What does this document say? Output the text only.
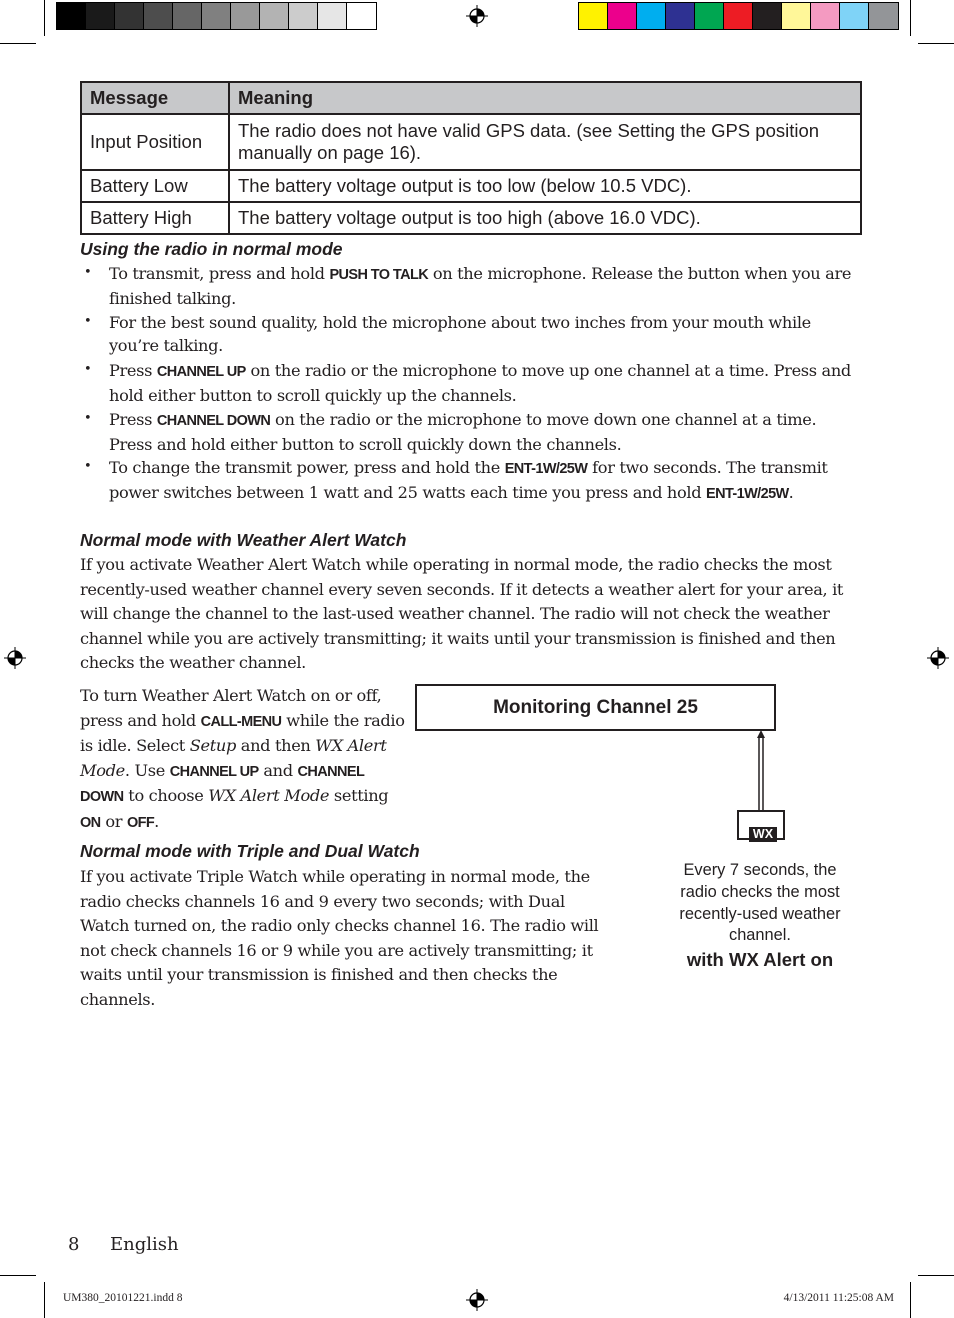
Message	Meaning
Input Position	The radio does not have valid GPS data. (see Setting the GPS position manually on page 16).
Battery Low	The battery voltage output is too low (below 10.5 VDC).
Battery High	The battery voltage output is too high (above 16.0 VDC).
Using the radio in normal mode
• To transmit, press and hold PUSH TO TALK on the microphone. Release the button when you are finished talking.
• For the best sound quality, hold the microphone about two inches from your mouth while you’re talking.
• Press CHANNEL UP on the radio or the microphone to move up one channel at a time. Press and hold either button to scroll quickly up the channels.
• Press CHANNEL DOWN on the radio or the microphone to move down one channel at a time. Press and hold either button to scroll quickly down the channels.
• To change the transmit power, press and hold the ENT-1W/25W for two seconds. The transmit power switches between 1 watt and 25 watts each time you press and hold ENT-1W/25W.
Normal mode with Weather Alert Watch
If you activate Weather Alert Watch while operating in normal mode, the radio checks the most recently-used weather channel every seven seconds. If it detects a weather alert for your area, it will change the channel to the last-used weather channel. The radio will not check the weather channel while you are actively transmitting; it waits until your transmission is finished and then checks the weather channel.
To turn Weather Alert Watch on or off, press and hold CALL-MENU while the radio is idle. Select Setup and then WX Alert Mode. Use CHANNEL UP and CHANNEL DOWN to choose WX Alert Mode setting ON or OFF.
Monitoring Channel 25
WX
Every 7 seconds, the radio checks the most recently-used weather channel.
with WX Alert on
Normal mode with Triple and Dual Watch
If you activate Triple Watch while operating in normal mode, the radio checks channels 16 and 9 every two seconds; with Dual Watch turned on, the radio only checks channel 16. The radio will not check channels 16 or 9 while you are actively transmitting; it waits until your transmission is finished and then checks the channels.
8 English
UM380_20101221.indd 8	4/13/2011 11:25:08 AM
